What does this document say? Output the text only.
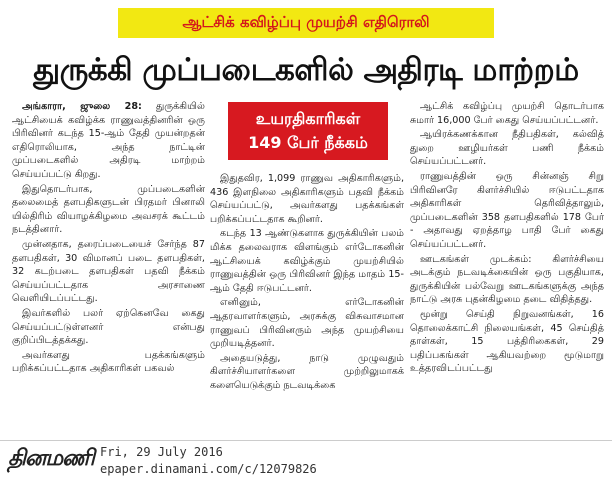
ஆட்சிக் கவிழ்ப்பு முயற்சி எதிரொலி
துருக்கி முப்படைகளில் அதிரடி மாற்றம்

அங்காரா, ஜுலை 28: துருக்கியில் ஆட்சியைக் கவிழ்க்க ராணுவத்தினரின் ஒரு பிரிவினர் கடந்த 15-ஆம் தேதி முயன்றதன் எதிரொலியாக, அந்த நாட்டின் முப்படைகளில் அதிரடி மாற்றம் செய்யப்பட்டு கிறது.

இதுதொடர்பாக, முப்படைகளின் தலைமைத் தளபதிகளுடன் பிரதமர் பினாலி யில்திரிம் வியாழக்கிழமை அவசரக் கூட்டம் நடத்தினார்.

முன்னதாக, தரைப்படையைச் சேர்ந்த 87 தளபதிகள், 30 விமானப் படை தளபதிகள், 32 கடற்படை தளபதிகள் பதவி நீக்கம் செய்யப்பட்டதாக அரசாணை வெளியிடப்பட்டது.

இவர்களில் பலர் ஏற்கெனவே கைது செய்யப்பட்டுள்ளனர் என்பது குறிப்பிடத்தக்கது.

அவர்களது பதக்கங்களும் பறிக்கப்பட்டதாக அதிகாரிகள் பகவல்

உயரதிகாரிகள்
149 பேர் நீக்கம்

இதுதவிர, 1,099 ராணுவ அதிகாரிகளும், 436 இளநிலை அதிகாரிகளும் பதவி நீக்கம் செய்யப்பட்டு, அவர்களது பதக்கங்கள் பறிக்கப்பட்டதாக கூறினர்.

கடந்த 13 ஆண்டுகளாக துருக்கியின் பலம் மிக்க தலைவராக விளங்கும் எர்டோகனின் ஆட்சியைக் கவிழ்க்கும் முயற்சியில் ராணுவத்தின் ஒரு பிரிவினர் இந்த மாதம் 15-ஆம் தேதி ஈடுபட்டனர்.

எனினும், எர்டோகனின் ஆதரவாளர்களும், அரசுக்கு விசுவாசமான ராணுவப் பிரிவினரும் அந்த முயற்சியை முறியடித்தனர்.

அதையடுத்து, நாடு முழுவதும் கிளர்ச்சியாளர்களை முற்றிலுமாகக் களையெடுக்கும் நடவடிக்கை

ஆட்சிக் கவிழ்ப்பு முயற்சி தொடர்பாக சுமார் 16,000 பேர் கைது செய்யப்பட்டனர்.

ஆயிரக்கணக்கான நீதிபதிகள், கல்வித் துறை ஊழியர்கள் பணி நீக்கம் செய்யப்பட்டனர்.

ராணுவத்தின் ஒரு சின்னஞ் சிறு பிரிவினரே கிளர்ச்சியில் ஈடுபட்டதாக அதிகாரிகள் தெரிவித்தாலும், முப்படைகளின் 358 தளபதிகளில் 178 பேர் - அதாவது ஏறத்தாழ பாதி பேர் கைது செய்யப்பட்டனர்.

ஊடகங்கள் முடக்கம்: கிளர்ச்சியை அடக்கும் நடவடிக்கையின் ஒரு பகுதியாக, துருக்கியின் பல்வேறு ஊடகங்களுக்கு அந்த நாட்டு அரசு புதன்கிழமை தடை விதித்தது.

மூன்று செய்தி நிறுவனங்கள், 16 தொலைக்காட்சி நிலையங்கள், 45 செய்தித் தாள்கள், 15 பத்திரிகைகள், 29 பதிப்பகங்கள் ஆகியவற்றை மூடுமாறு உத்தரவிடப்பட்டது

தினமணி Fri, 29 July 2016
epaper.dinamani.com/c/12079826
